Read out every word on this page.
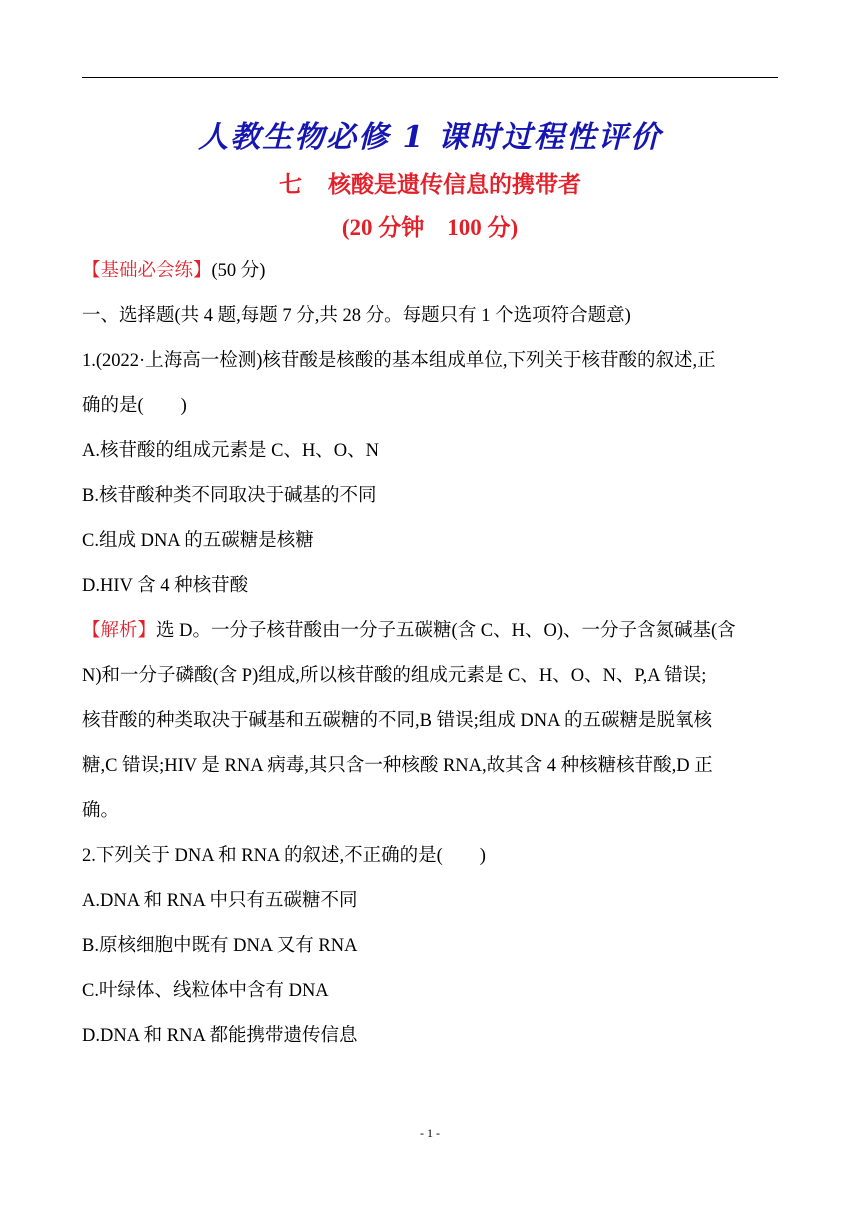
人教生物必修 1 课时过程性评价
七 核酸是遗传信息的携带者
(20 分钟　100 分)
【基础必会练】(50 分)
一、选择题(共 4 题,每题 7 分,共 28 分。每题只有 1 个选项符合题意)
1.(2022·上海高一检测)核苷酸是核酸的基本组成单位,下列关于核苷酸的叙述,正
确的是(　　)
A.核苷酸的组成元素是 C、H、O、N
B.核苷酸种类不同取决于碱基的不同
C.组成 DNA 的五碳糖是核糖
D.HIV 含 4 种核苷酸
【解析】选 D。一分子核苷酸由一分子五碳糖(含 C、H、O)、一分子含氮碱基(含
N)和一分子磷酸(含 P)组成,所以核苷酸的组成元素是 C、H、O、N、P,A 错误;
核苷酸的种类取决于碱基和五碳糖的不同,B 错误;组成 DNA 的五碳糖是脱氧核
糖,C 错误;HIV 是 RNA 病毒,其只含一种核酸 RNA,故其含 4 种核糖核苷酸,D 正
确。
2.下列关于 DNA 和 RNA 的叙述,不正确的是(　　)
A.DNA 和 RNA 中只有五碳糖不同
B.原核细胞中既有 DNA 又有 RNA
C.叶绿体、线粒体中含有 DNA
D.DNA 和 RNA 都能携带遗传信息
- 1 -
